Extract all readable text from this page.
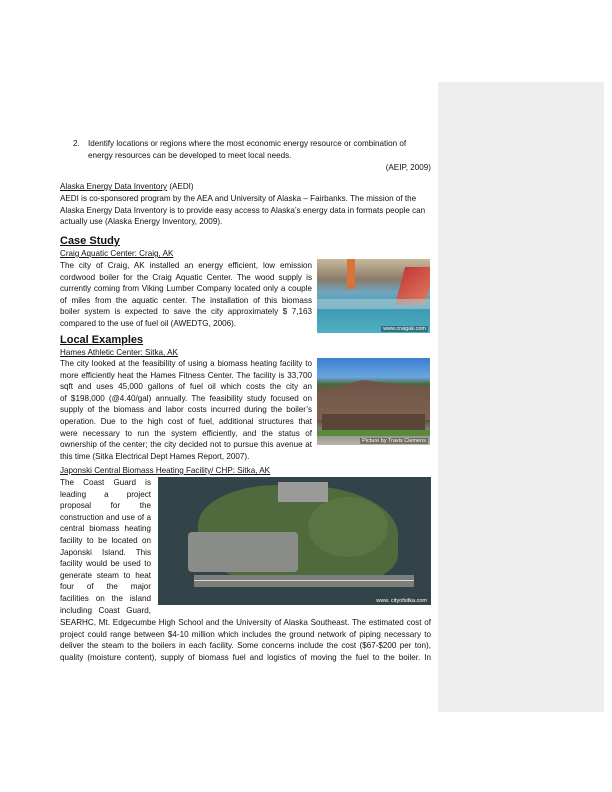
2. Identify locations or regions where the most economic energy resource or combination of
energy resources can be developed to meet local needs.
(AEIP, 2009)
Alaska Energy Data Inventory (AEDI)
AEDI is co-sponsored program by the AEA and University of Alaska – Fairbanks. The mission of the
Alaska Energy Data Inventory is to provide easy access to Alaska’s energy data in formats people can
actually use (Alaska Energy Inventory, 2009).
Case Study
Craig Aquatic Center: Craig, AK
The city of Craig, AK installed an energy efficient, low emission
cordwood boiler for the Craig Aquatic Center. The wood supply is
currently coming from Viking Lumber Company located only a couple
of miles from the aquatic center. The installation of this biomass
boiler system is expected to save the city approximately $ 7,163
compared to the use of fuel oil (AWEDTG, 2006).
www.craigak.com
Local Examples
Hames Athletic Center: Sitka, AK
The city looked at the feasibility of using a biomass heating facility to
more efficiently heat the Hames Fitness Center. The facility is 33,700
sqft and uses 45,000 gallons of fuel oil which costs the city an
of $198,000 (@4.40/gal) annually. The feasibility study focused on
supply of the biomass and labor costs incurred during the boiler’s
operation. Due to the high cost of fuel, additional structures that
were necessary to run the system efficiently, and the status of
ownership of the center; the city decided not to pursue this avenue at
this time (Sitka Electrical Dept Hames Report, 2007).
Picture by Travis Clemens
Japonski Central Biomass Heating Facility/ CHP: Sitka, AK
The Coast Guard is
leading a project
proposal for the
construction and use of a
central biomass heating
facility to be located on
Japonski Island. This
facility would be used to
generate steam to heat
four of the major
facilities on the island
including Coast Guard,
SEARHC, Mt. Edgecumbe High School and the University of Alaska Southeast. The estimated cost of
project could range between $4-10 million which includes the ground network of piping necessary to
deliver the steam to the boilers in each facility. Some concerns include the cost ($67-$200 per ton),
quality (moisture content), supply of biomass fuel and logistics of moving the fuel to the boiler. In
www. cityofsitka.com
